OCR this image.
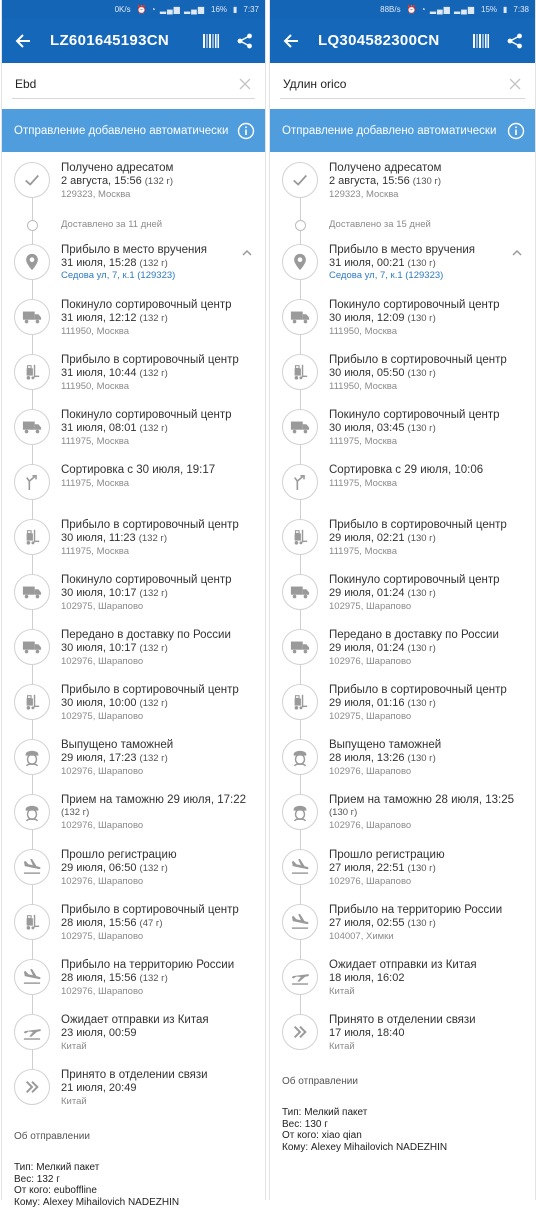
0K/s ⏰ ◔ ▂▄▆ ▂▄▆ 16% ▮ 7:37
LZ601645193CN
Ebd
Отправление добавлено автоматически
Получено адресатом
2 августа, 15:56 (132 г)
129323, Москва
Доставлено за 11 дней
Прибыло в место вручения
31 июля, 15:28 (132 г)
Седова ул, 7, к.1 (129323)
Покинуло сортировочный центр
31 июля, 12:12 (132 г)
111950, Москва
Прибыло в сортировочный центр
31 июля, 10:44 (132 г)
111950, Москва
Покинуло сортировочный центр
31 июля, 08:01 (132 г)
111975, Москва
Сортировка с 30 июля, 19:17
111975, Москва
Прибыло в сортировочный центр
30 июля, 11:23 (132 г)
111975, Москва
Покинуло сортировочный центр
30 июля, 10:17 (132 г)
102975, Шарапово
Передано в доставку по России
30 июля, 10:17 (132 г)
102976, Шарапово
Прибыло в сортировочный центр
30 июля, 10:00 (132 г)
102975, Шарапово
Выпущено таможней
29 июля, 17:23 (132 г)
102976, Шарапово
Прием на таможню 29 июля, 17:22
(132 г)
102976, Шарапово
Прошло регистрацию
29 июля, 06:50 (132 г)
102976, Шарапово
Прибыло в сортировочный центр
28 июля, 15:56 (47 г)
102975, Шарапово
Прибыло на территорию России
28 июля, 15:56 (132 г)
102976, Шарапово
Ожидает отправки из Китая
23 июля, 00:59
Китай
Принято в отделении связи
21 июля, 20:49
Китай
Об отправлении
Тип: Мелкий пакет
Вес: 132 г
От кого: euboffline
Кому: Alexey Mihailovich NADEZHIN
88B/s ⏰ ◔ ▂▄▆ ▂▄▆ 15% ▮ 7:38
LQ304582300CN
Удлин orico
Отправление добавлено автоматически
Получено адресатом
2 августа, 15:56 (130 г)
129323, Москва
Доставлено за 15 дней
Прибыло в место вручения
31 июля, 00:21 (130 г)
Седова ул, 7, к.1 (129323)
Покинуло сортировочный центр
30 июля, 12:09 (130 г)
111950, Москва
Прибыло в сортировочный центр
30 июля, 05:50 (130 г)
111950, Москва
Покинуло сортировочный центр
30 июля, 03:45 (130 г)
111975, Москва
Сортировка с 29 июля, 10:06
111975, Москва
Прибыло в сортировочный центр
29 июля, 02:21 (130 г)
111975, Москва
Покинуло сортировочный центр
29 июля, 01:24 (130 г)
102975, Шарапово
Передано в доставку по России
29 июля, 01:24 (130 г)
102976, Шарапово
Прибыло в сортировочный центр
29 июля, 01:16 (130 г)
102975, Шарапово
Выпущено таможней
28 июля, 13:26 (130 г)
102976, Шарапово
Прием на таможню 28 июля, 13:25
(130 г)
102976, Шарапово
Прошло регистрацию
27 июля, 22:51 (130 г)
102976, Шарапово
Прибыло на территорию России
27 июля, 02:55 (130 г)
104007, Химки
Ожидает отправки из Китая
18 июля, 16:02
Китай
Принято в отделении связи
17 июля, 18:40
Китай
Об отправлении
Тип: Мелкий пакет
Вес: 130 г
От кого: xiao qian
Кому: Alexey Mihailovich NADEZHIN
